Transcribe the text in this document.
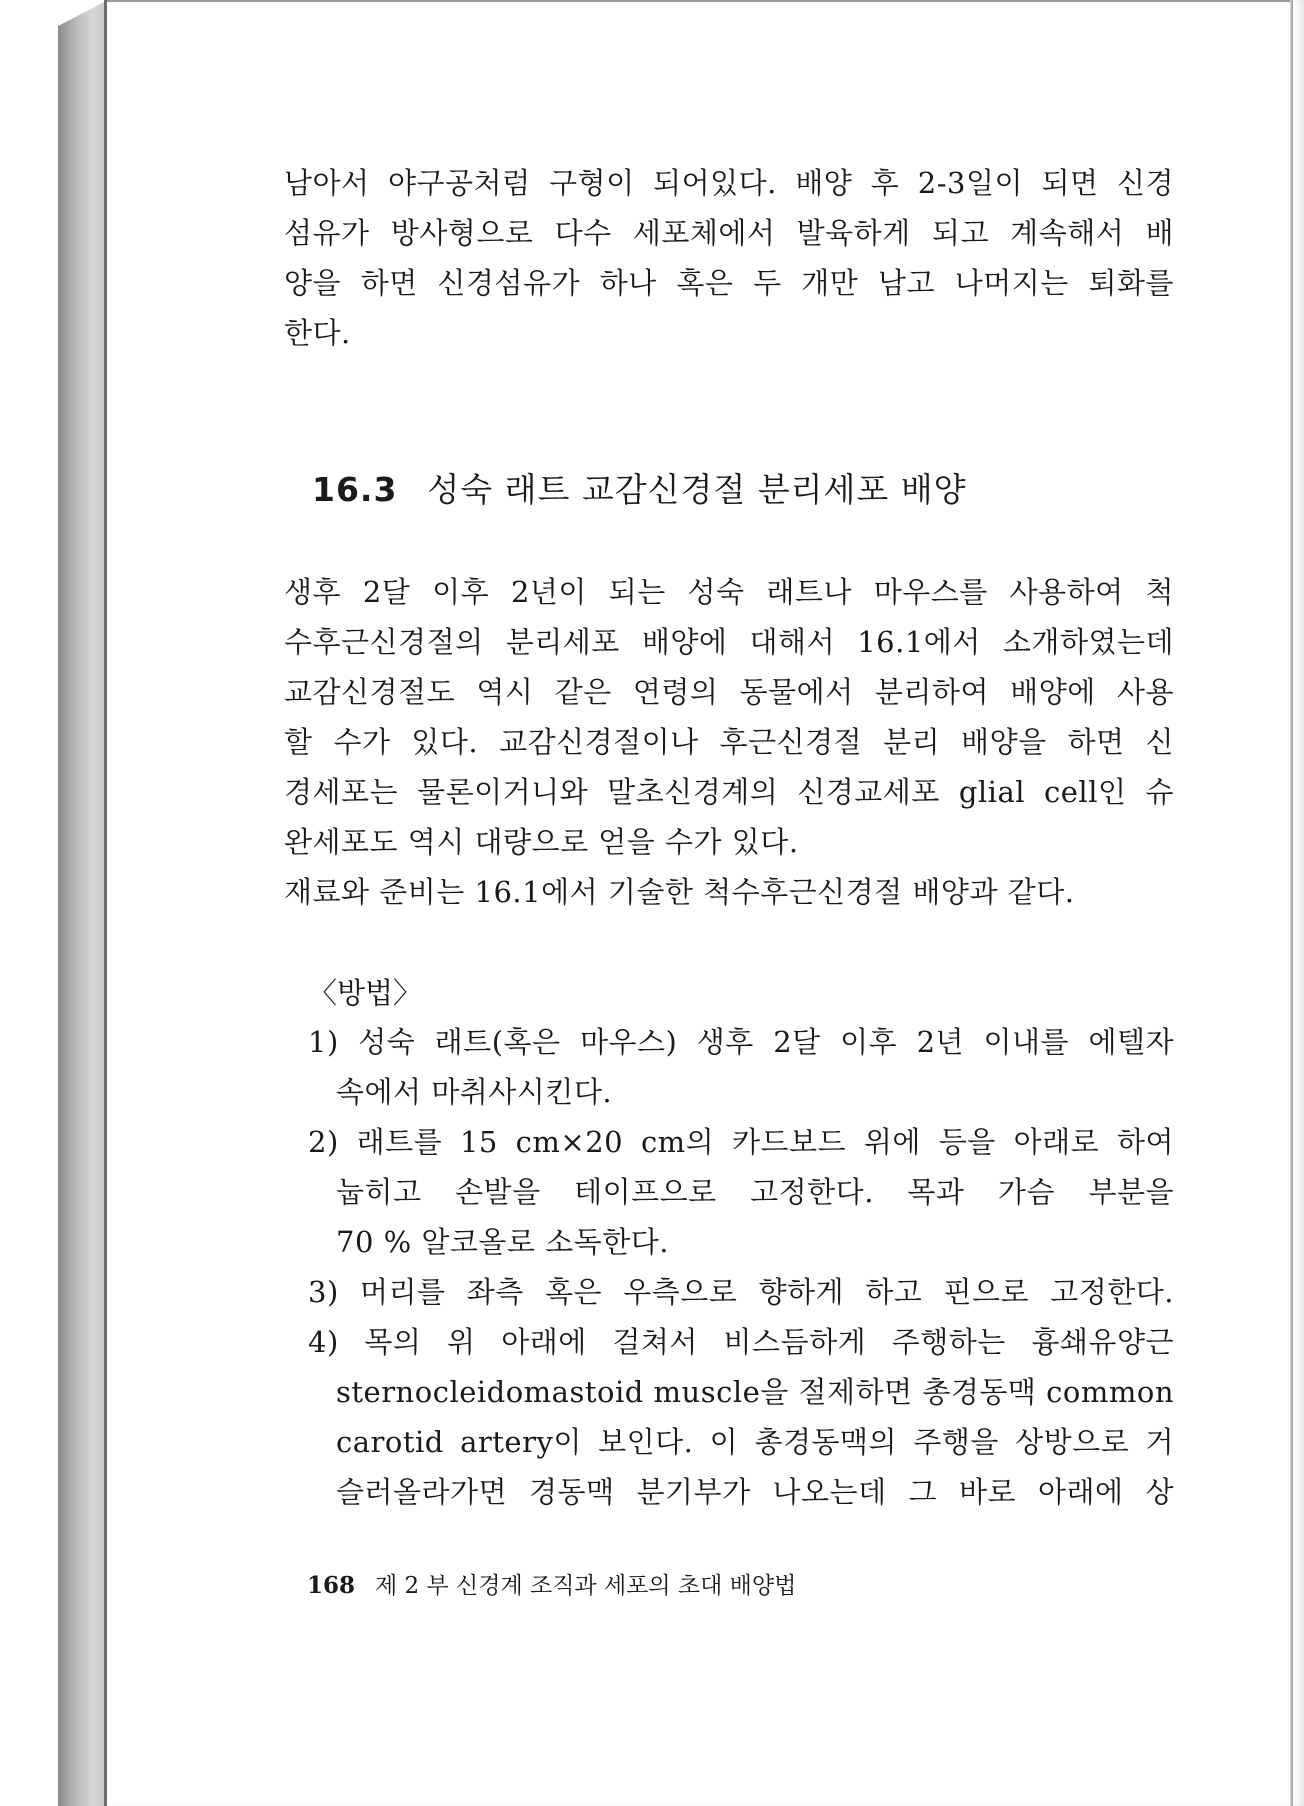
남아서 야구공처럼 구형이 되어있다. 배양 후 2-3일이 되면 신경
섬유가 방사형으로 다수 세포체에서 발육하게 되고 계속해서 배
양을 하면 신경섬유가 하나 혹은 두 개만 남고 나머지는 퇴화를
한다.
16.3 성숙 래트 교감신경절 분리세포 배양
생후 2달 이후 2년이 되는 성숙 래트나 마우스를 사용하여 척
수후근신경절의 분리세포 배양에 대해서 16.1에서 소개하였는데
교감신경절도 역시 같은 연령의 동물에서 분리하여 배양에 사용
할 수가 있다. 교감신경절이나 후근신경절 분리 배양을 하면 신
경세포는 물론이거니와 말초신경계의 신경교세포 glial cell인 슈
완세포도 역시 대량으로 얻을 수가 있다.
재료와 준비는 16.1에서 기술한 척수후근신경절 배양과 같다.
〈방법〉
1) 성숙 래트(혹은 마우스) 생후 2달 이후 2년 이내를 에텔자
속에서 마취사시킨다.
2) 래트를 15 cm×20 cm의 카드보드 위에 등을 아래로 하여
눕히고 손발을 테이프으로 고정한다. 목과 가슴 부분을
70 % 알코올로 소독한다.
3) 머리를 좌측 혹은 우측으로 향하게 하고 핀으로 고정한다.
4) 목의 위 아래에 걸쳐서 비스듬하게 주행하는 흉쇄유양근
sternocleidomastoid muscle을 절제하면 총경동맥 common
carotid artery이 보인다. 이 총경동맥의 주행을 상방으로 거
슬러올라가면 경동맥 분기부가 나오는데 그 바로 아래에 상
168 제 2 부 신경계 조직과 세포의 초대 배양법
